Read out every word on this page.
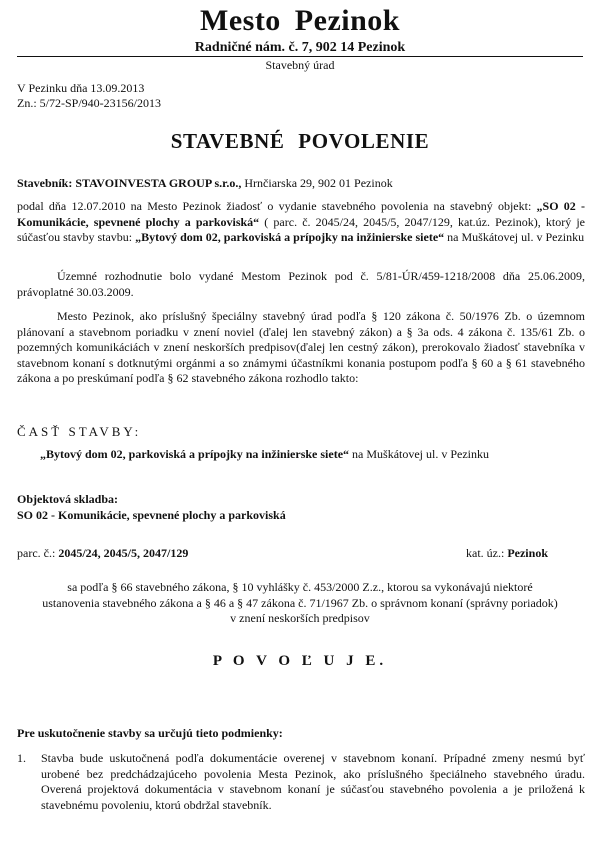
Mesto Pezinok
Radničné nám. č. 7, 902 14 Pezinok
Stavebný úrad
V Pezinku dňa 13.09.2013
Zn.: 5/72-SP/940-23156/2013
STAVEBNÉ POVOLENIE
Stavebník: STAVOINVESTA GROUP s.r.o., Hrnčiarska 29, 902 01 Pezinok
podal dňa 12.07.2010 na Mesto Pezinok žiadosť o vydanie stavebného povolenia na stavebný objekt: „SO 02 - Komunikácie, spevnené plochy a parkoviská“ ( parc. č. 2045/24, 2045/5, 2047/129, kat.úz. Pezinok), ktorý je súčasťou stavby stavbu: „Bytový dom 02, parkoviská a prípojky na inžinierske siete“ na Muškátovej ul. v Pezinku
Územné rozhodnutie bolo vydané Mestom Pezinok pod č. 5/81-ÚR/459-1218/2008 dňa 25.06.2009, právoplatné 30.03.2009.
Mesto Pezinok, ako príslušný špeciálny stavebný úrad podľa § 120 zákona č. 50/1976 Zb. o územnom plánovaní a stavebnom poriadku v znení noviel (ďalej len stavebný zákon) a § 3a ods. 4 zákona č. 135/61 Zb. o pozemných komunikáciách v znení neskorších predpisov(ďalej len cestný zákon), prerokovalo žiadosť stavebníka v stavebnom konaní s dotknutými orgánmi a so známymi účastníkmi konania postupom podľa § 60 a § 61 stavebného zákona a po preskúmaní podľa § 62 stavebného zákona rozhodlo takto:
ČASŤ STAVBY:
„Bytový dom 02, parkoviská a prípojky na inžinierske siete“ na Muškátovej ul. v Pezinku
Objektová skladba:
SO 02 - Komunikácie, spevnené plochy a parkoviská
parc. č.: 2045/24, 2045/5, 2047/129	kat. úz.: Pezinok
sa podľa § 66 stavebného zákona, § 10 vyhlášky č. 453/2000 Z.z., ktorou sa vykonávajú niektoré ustanovenia stavebného zákona a § 46 a § 47 zákona č. 71/1967 Zb. o správnom konaní (správny poriadok) v znení neskorších predpisov
P O V O Ľ U J E.
Pre uskutočnenie stavby sa určujú tieto podmienky:
1. Stavba bude uskutočnená podľa dokumentácie overenej v stavebnom konaní. Prípadné zmeny nesmú byť urobené bez predchádzajúceho povolenia Mesta Pezinok, ako príslušného špeciálneho stavebného úradu. Overená projektová dokumentácia v stavebnom konaní je súčasťou stavebného povolenia a je priložená k stavebnému povoleniu, ktorú obdržal stavebník.
